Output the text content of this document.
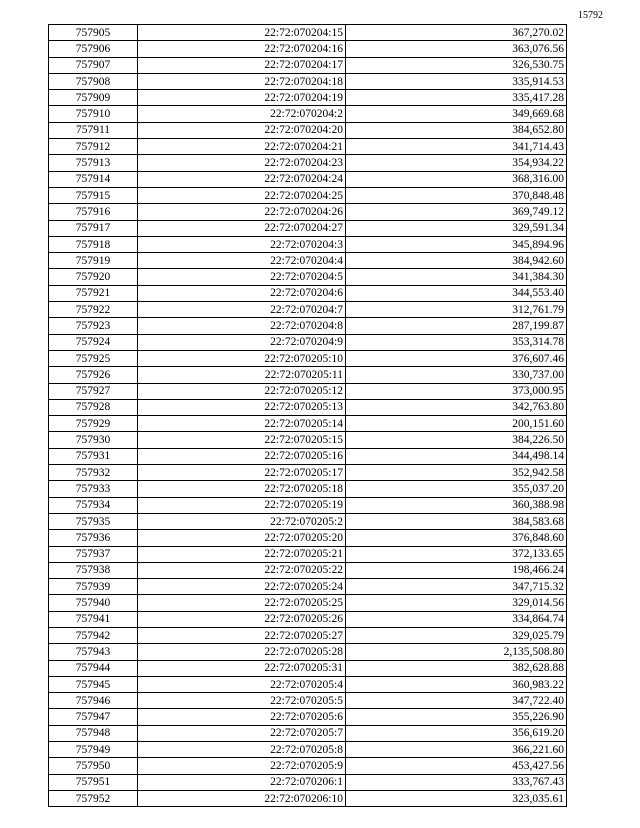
15792
757905	22:72:070204:15	367,270.02
757906	22:72:070204:16	363,076.56
757907	22:72:070204:17	326,530.75
757908	22:72:070204:18	335,914.53
757909	22:72:070204:19	335,417.28
757910	22:72:070204:2	349,669.68
757911	22:72:070204:20	384,652.80
757912	22:72:070204:21	341,714.43
757913	22:72:070204:23	354,934.22
757914	22:72:070204:24	368,316.00
757915	22:72:070204:25	370,848.48
757916	22:72:070204:26	369,749.12
757917	22:72:070204:27	329,591.34
757918	22:72:070204:3	345,894.96
757919	22:72:070204:4	384,942.60
757920	22:72:070204:5	341,384.30
757921	22:72:070204:6	344,553.40
757922	22:72:070204:7	312,761.79
757923	22:72:070204:8	287,199.87
757924	22:72:070204:9	353,314.78
757925	22:72:070205:10	376,607.46
757926	22:72:070205:11	330,737.00
757927	22:72:070205:12	373,000.95
757928	22:72:070205:13	342,763.80
757929	22:72:070205:14	200,151.60
757930	22:72:070205:15	384,226.50
757931	22:72:070205:16	344,498.14
757932	22:72:070205:17	352,942.58
757933	22:72:070205:18	355,037.20
757934	22:72:070205:19	360,388.98
757935	22:72:070205:2	384,583.68
757936	22:72:070205:20	376,848.60
757937	22:72:070205:21	372,133.65
757938	22:72:070205:22	198,466.24
757939	22:72:070205:24	347,715.32
757940	22:72:070205:25	329,014.56
757941	22:72:070205:26	334,864.74
757942	22:72:070205:27	329,025.79
757943	22:72:070205:28	2,135,508.80
757944	22:72:070205:31	382,628.88
757945	22:72:070205:4	360,983.22
757946	22:72:070205:5	347,722.40
757947	22:72:070205:6	355,226.90
757948	22:72:070205:7	356,619.20
757949	22:72:070205:8	366,221.60
757950	22:72:070205:9	453,427.56
757951	22:72:070206:1	333,767.43
757952	22:72:070206:10	323,035.61
